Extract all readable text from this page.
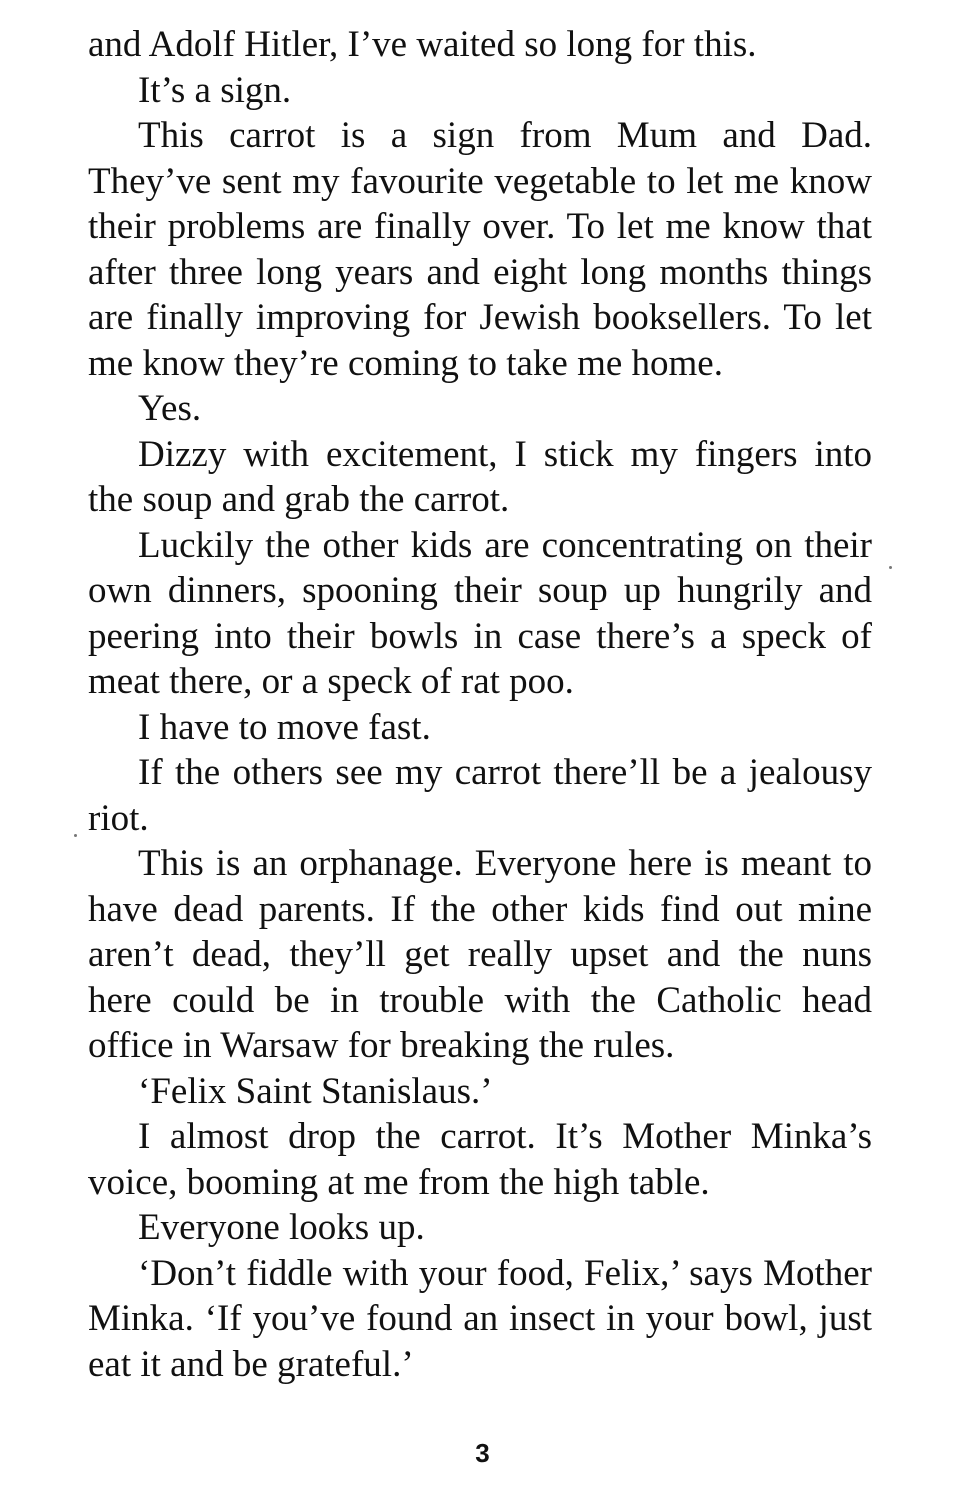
and Adolf Hitler, I’ve waited so long for this.

It’s a sign.

This carrot is a sign from Mum and Dad. They’ve sent my favourite vegetable to let me know their problems are finally over. To let me know that after three long years and eight long months things are finally improving for Jewish booksellers. To let me know they’re coming to take me home.

Yes.

Dizzy with excitement, I stick my fingers into the soup and grab the carrot.

Luckily the other kids are concentrating on their own dinners, spooning their soup up hungrily and peering into their bowls in case there’s a speck of meat there, or a speck of rat poo.

I have to move fast.

If the others see my carrot there’ll be a jealousy riot.

This is an orphanage. Everyone here is meant to have dead parents. If the other kids find out mine aren’t dead, they’ll get really upset and the nuns here could be in trouble with the Catholic head office in Warsaw for breaking the rules.

‘Felix Saint Stanislaus.’

I almost drop the carrot. It’s Mother Minka’s voice, booming at me from the high table.

Everyone looks up.

‘Don’t fiddle with your food, Felix,’ says Mother Minka. ‘If you’ve found an insect in your bowl, just eat it and be grateful.’

3
